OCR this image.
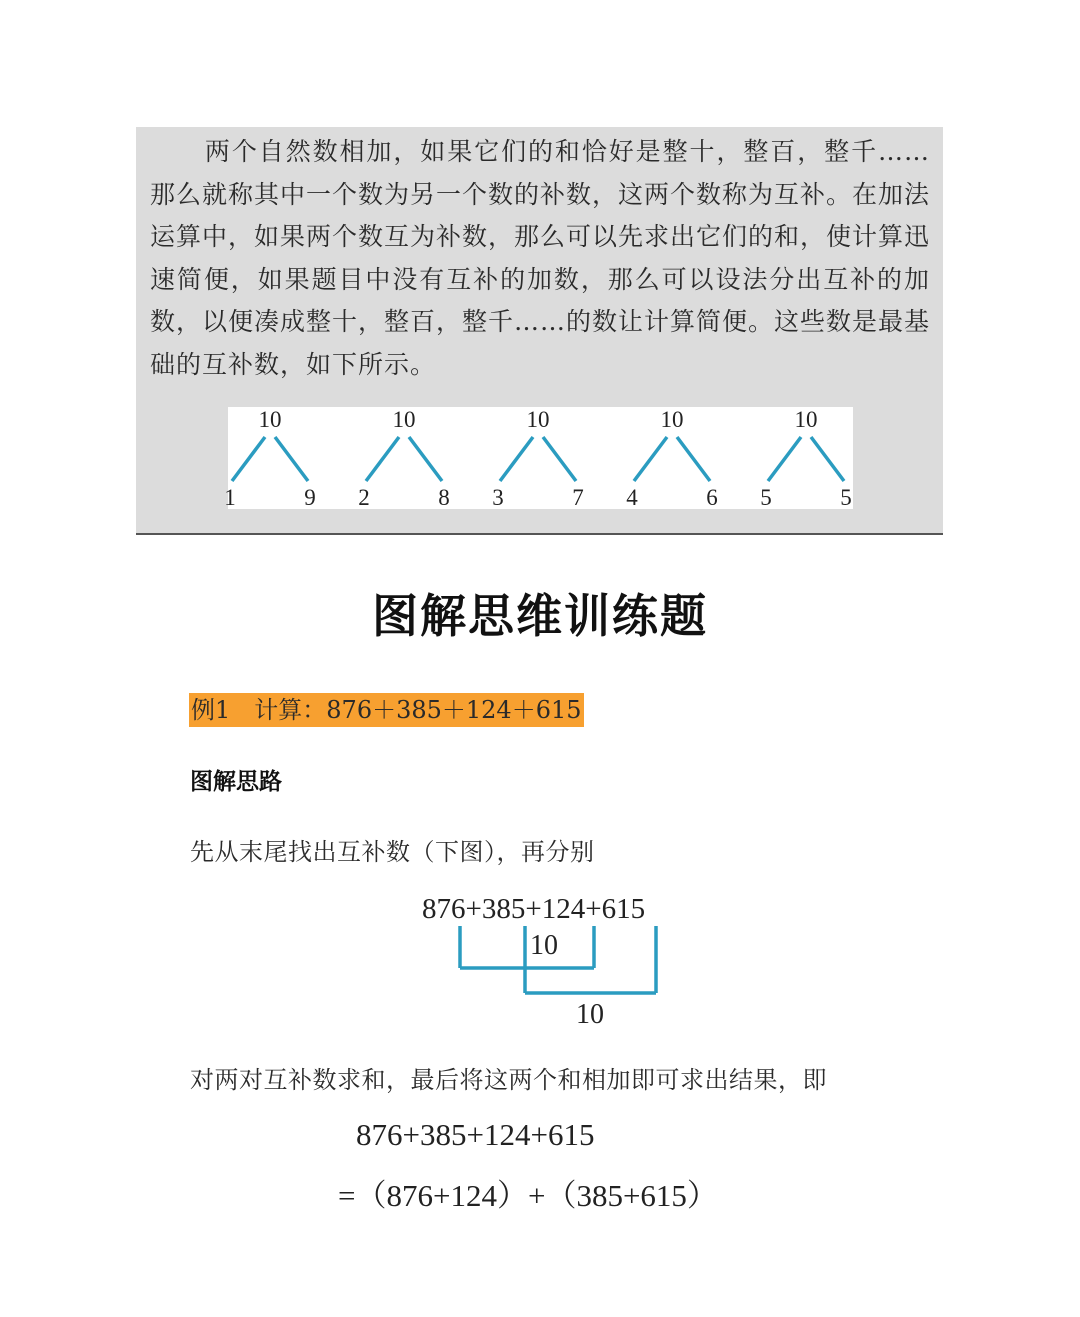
两个自然数相加，如果它们的和恰好是整十，整百，整千……那么就称其中一个数为另一个数的补数，这两个数称为互补。在加法运算中，如果两个数互为补数，那么可以先求出它们的和，使计算迅速简便，如果题目中没有互补的加数，那么可以设法分出互补的加数，以便凑成整十，整百，整千……的数让计算简便。这些数是最基础的互补数，如下所示。

10
1	9
10
2	8
10
3	7
10
4	6
10
5	5
图解思维训练题
例1 计算：876＋385＋124＋615
图解思路
先从末尾找出互补数（下图），再分别
876+385+124+615
10
10
对两对互补数求和，最后将这两个和相加即可求出结果，即
876+385+124+615
=（876+124）+（385+615）
